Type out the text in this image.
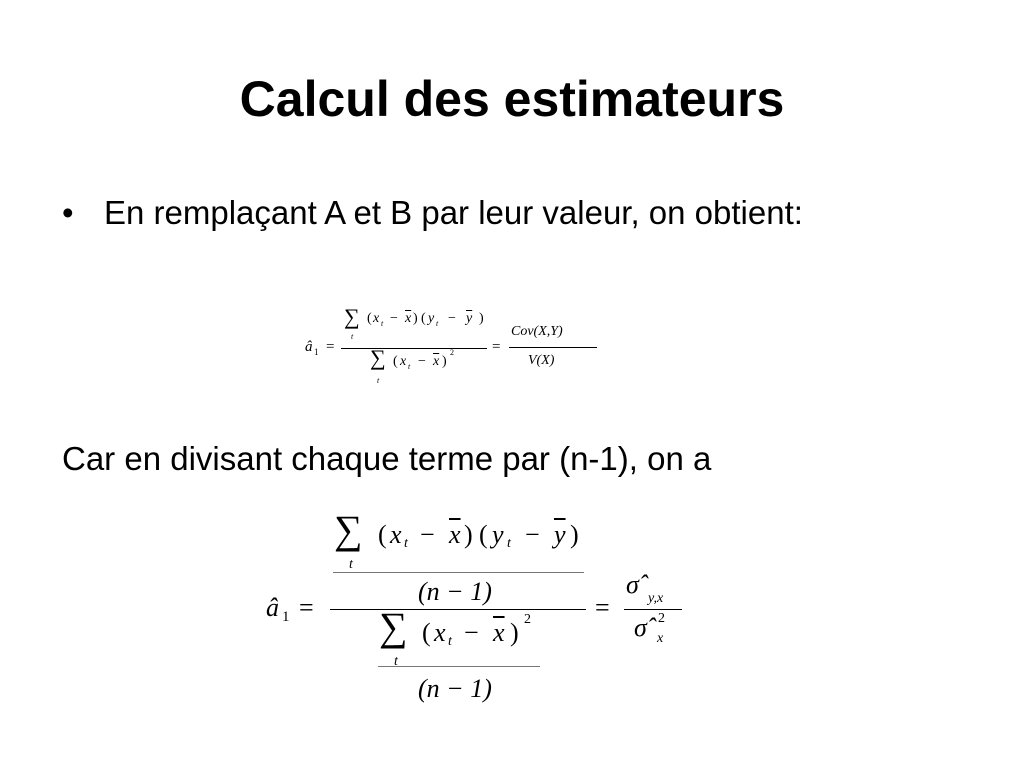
Calcul des estimateurs
• En remplaçant A et B par leur valeur, on obtient:
â 1 =
∑
t
( x $t - \overline{x}$ ) ( y $t - \overline{y}$ )
∑
t
( x $t - \overline{x}$ )
2	=
Cov(X,Y)
V(X)
Car en divisant chaque terme par (n-1), on a
â 1 =
∑
t
( x $t - \overline{x}$ ) ( y $t - \overline{y}$ )
(n − 1)
∑
t
( x $t - \overline{x}$ ) 2
(n − 1)
=
σ̂ y,x
σ̂ 2
x
